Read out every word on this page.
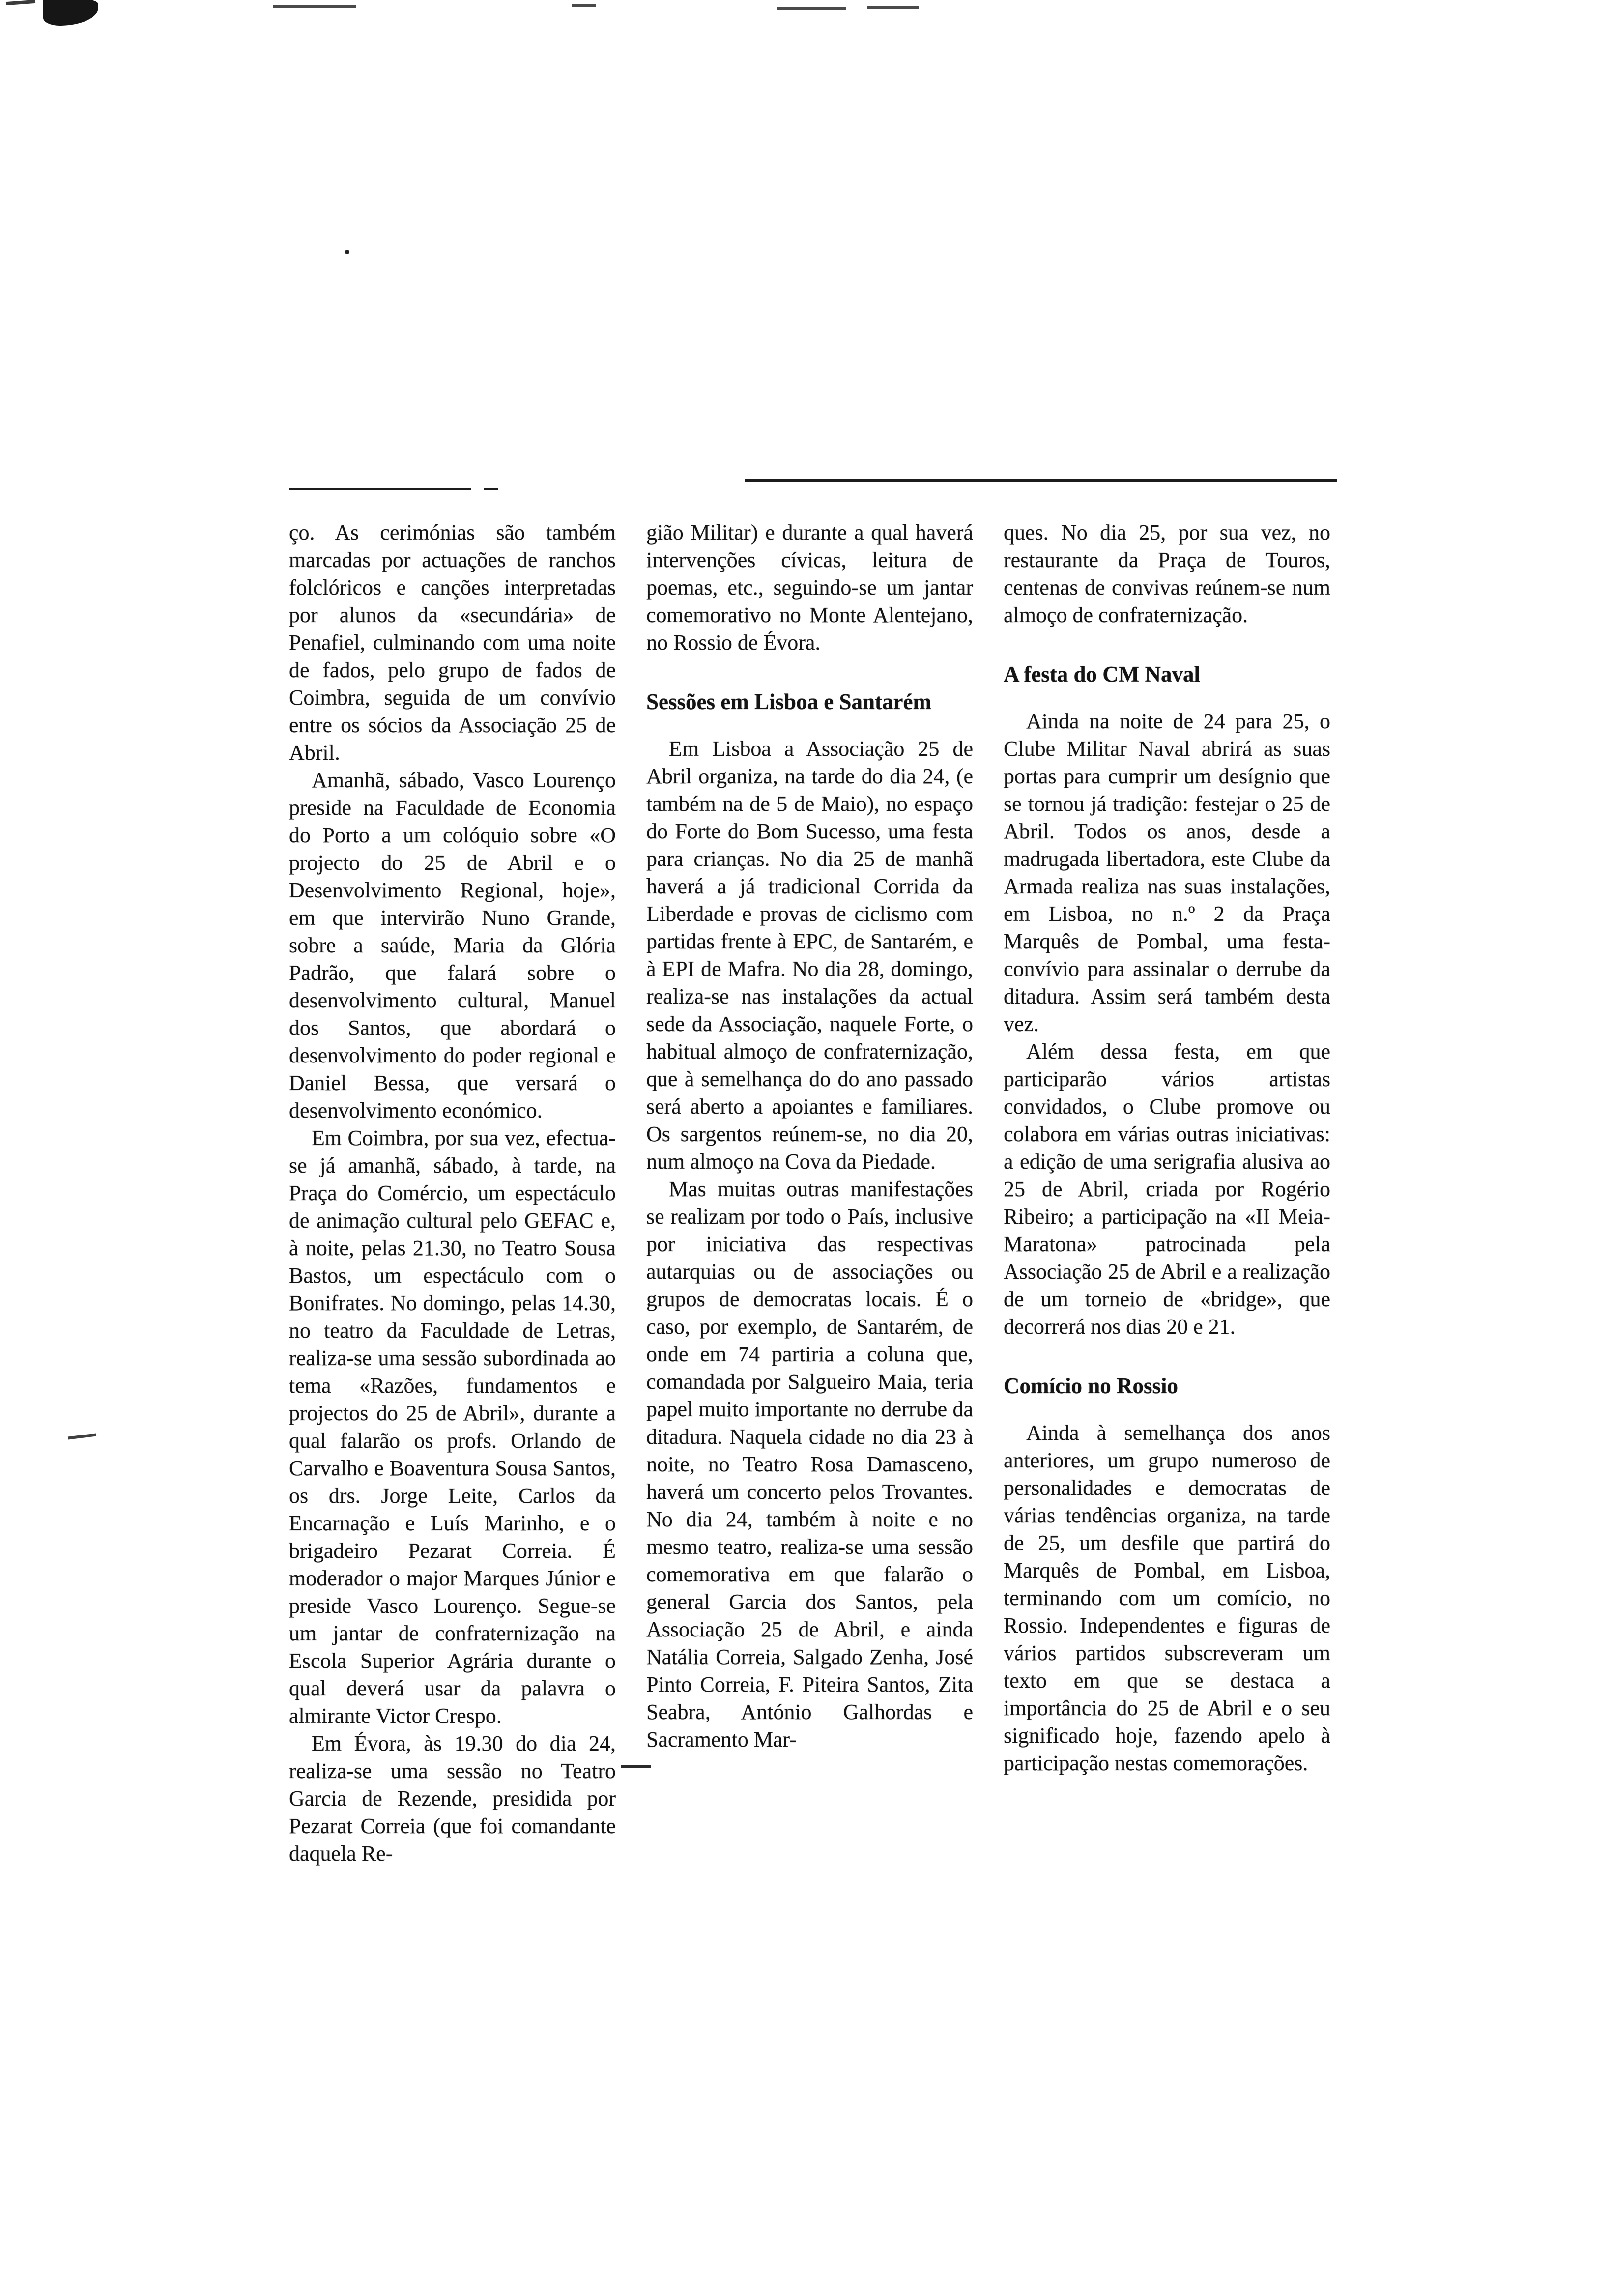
ço. As cerimónias são também marcadas por actuações de ranchos folclóricos e canções interpretadas por alunos da «secundária» de Penafiel, culminando com uma noite de fados, pelo grupo de fados de Coimbra, seguida de um convívio entre os sócios da Associação 25 de Abril.

Amanhã, sábado, Vasco Lourenço preside na Faculdade de Economia do Porto a um colóquio sobre «O projecto do 25 de Abril e o Desenvolvimento Regional, hoje», em que intervirão Nuno Grande, sobre a saúde, Maria da Glória Padrão, que falará sobre o desenvolvimento cultural, Manuel dos Santos, que abordará o desenvolvimento do poder regional e Daniel Bessa, que versará o desenvolvimento económico.

Em Coimbra, por sua vez, efectua-se já amanhã, sábado, à tarde, na Praça do Comércio, um espectáculo de animação cultural pelo GEFAC e, à noite, pelas 21.30, no Teatro Sousa Bastos, um espectáculo com o Bonifrates. No domingo, pelas 14.30, no teatro da Faculdade de Letras, realiza-se uma sessão subordinada ao tema «Razões, fundamentos e projectos do 25 de Abril», durante a qual falarão os profs. Orlando de Carvalho e Boaventura Sousa Santos, os drs. Jorge Leite, Carlos da Encarnação e Luís Marinho, e o brigadeiro Pezarat Correia. É moderador o major Marques Júnior e preside Vasco Lourenço. Segue-se um jantar de confraternização na Escola Superior Agrária durante o qual deverá usar da palavra o almirante Victor Crespo.

Em Évora, às 19.30 do dia 24, realiza-se uma sessão no Teatro Garcia de Rezende, presidida por Pezarat Correia (que foi comandante daquela Re-

gião Militar) e durante a qual haverá intervenções cívicas, leitura de poemas, etc., seguindo-se um jantar comemorativo no Monte Alentejano, no Rossio de Évora.

Sessões em Lisboa e Santarém

Em Lisboa a Associação 25 de Abril organiza, na tarde do dia 24, (e também na de 5 de Maio), no espaço do Forte do Bom Sucesso, uma festa para crianças. No dia 25 de manhã haverá a já tradicional Corrida da Liberdade e provas de ciclismo com partidas frente à EPC, de Santarém, e à EPI de Mafra. No dia 28, domingo, realiza-se nas instalações da actual sede da Associação, naquele Forte, o habitual almoço de confraternização, que à semelhança do do ano passado será aberto a apoiantes e familiares. Os sargentos reúnem-se, no dia 20, num almoço na Cova da Piedade.

Mas muitas outras manifestações se realizam por todo o País, inclusive por iniciativa das respectivas autarquias ou de associações ou grupos de democratas locais. É o caso, por exemplo, de Santarém, de onde em 74 partiria a coluna que, comandada por Salgueiro Maia, teria papel muito importante no derrube da ditadura. Naquela cidade no dia 23 à noite, no Teatro Rosa Damasceno, haverá um concerto pelos Trovantes. No dia 24, também à noite e no mesmo teatro, realiza-se uma sessão comemorativa em que falarão o general Garcia dos Santos, pela Associação 25 de Abril, e ainda Natália Correia, Salgado Zenha, José Pinto Correia, F. Piteira Santos, Zita Seabra, António Galhordas e Sacramento Mar-

ques. No dia 25, por sua vez, no restaurante da Praça de Touros, centenas de convivas reúnem-se num almoço de confraternização.

A festa do CM Naval

Ainda na noite de 24 para 25, o Clube Militar Naval abrirá as suas portas para cumprir um desígnio que se tornou já tradição: festejar o 25 de Abril. Todos os anos, desde a madrugada libertadora, este Clube da Armada realiza nas suas instalações, em Lisboa, no n.º 2 da Praça Marquês de Pombal, uma festa-convívio para assinalar o derrube da ditadura. Assim será também desta vez.

Além dessa festa, em que participarão vários artistas convidados, o Clube promove ou colabora em várias outras iniciativas: a edição de uma serigrafia alusiva ao 25 de Abril, criada por Rogério Ribeiro; a participação na «II Meia-Maratona» patrocinada pela Associação 25 de Abril e a realização de um torneio de «bridge», que decorrerá nos dias 20 e 21.

Comício no Rossio

Ainda à semelhança dos anos anteriores, um grupo numeroso de personalidades e democratas de várias tendências organiza, na tarde de 25, um desfile que partirá do Marquês de Pombal, em Lisboa, terminando com um comício, no Rossio. Independentes e figuras de vários partidos subscreveram um texto em que se destaca a importância do 25 de Abril e o seu significado hoje, fazendo apelo à participação nestas comemorações.
